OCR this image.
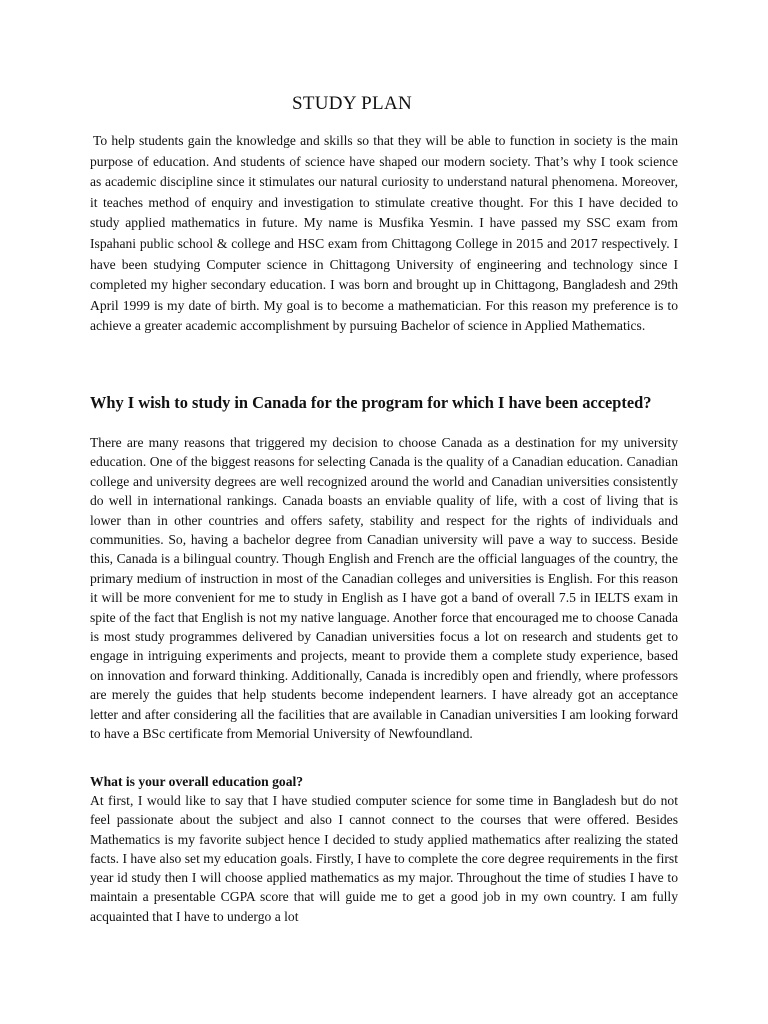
STUDY PLAN

To help students gain the knowledge and skills so that they will be able to function in society is the main purpose of education. And students of science have shaped our modern society. That’s why I took science as academic discipline since it stimulates our natural curiosity to understand natural phenomena. Moreover, it teaches method of enquiry and investigation to stimulate creative thought. For this I have decided to study applied mathematics in future. My name is Musfika Yesmin. I have passed my SSC exam from Ispahani public school & college and HSC exam from Chittagong College in 2015 and 2017 respectively. I have been studying Computer science in Chittagong University of engineering and technology since I completed my higher secondary education. I was born and brought up in Chittagong, Bangladesh and 29th April 1999 is my date of birth. My goal is to become a mathematician. For this reason my preference is to achieve a greater academic accomplishment by pursuing Bachelor of science in Applied Mathematics.

Why I wish to study in Canada for the program for which I have been accepted?

There are many reasons that triggered my decision to choose Canada as a destination for my university education. One of the biggest reasons for selecting Canada is the quality of a Canadian education. Canadian college and university degrees are well recognized around the world and Canadian universities consistently do well in international rankings. Canada boasts an enviable quality of life, with a cost of living that is lower than in other countries and offers safety, stability and respect for the rights of individuals and communities. So, having a bachelor degree from Canadian university will pave a way to success. Beside this, Canada is a bilingual country. Though English and French are the official languages of the country, the primary medium of instruction in most of the Canadian colleges and universities is English. For this reason it will be more convenient for me to study in English as I have got a band of overall 7.5 in IELTS exam in spite of the fact that English is not my native language. Another force that encouraged me to choose Canada is most study programmes delivered by Canadian universities focus a lot on research and students get to engage in intriguing experiments and projects, meant to provide them a complete study experience, based on innovation and forward thinking. Additionally, Canada is incredibly open and friendly, where professors are merely the guides that help students become independent learners. I have already got an acceptance letter and after considering all the facilities that are available in Canadian universities I am looking forward to have a BSc certificate from Memorial University of Newfoundland.

What is your overall education goal?

At first, I would like to say that I have studied computer science for some time in Bangladesh but do not feel passionate about the subject and also I cannot connect to the courses that were offered. Besides Mathematics is my favorite subject hence I decided to study applied mathematics after realizing the stated facts. I have also set my education goals. Firstly, I have to complete the core degree requirements in the first year id study then I will choose applied mathematics as my major. Throughout the time of studies I have to maintain a presentable CGPA score that will guide me to get a good job in my own country. I am fully acquainted that I have to undergo a lot
